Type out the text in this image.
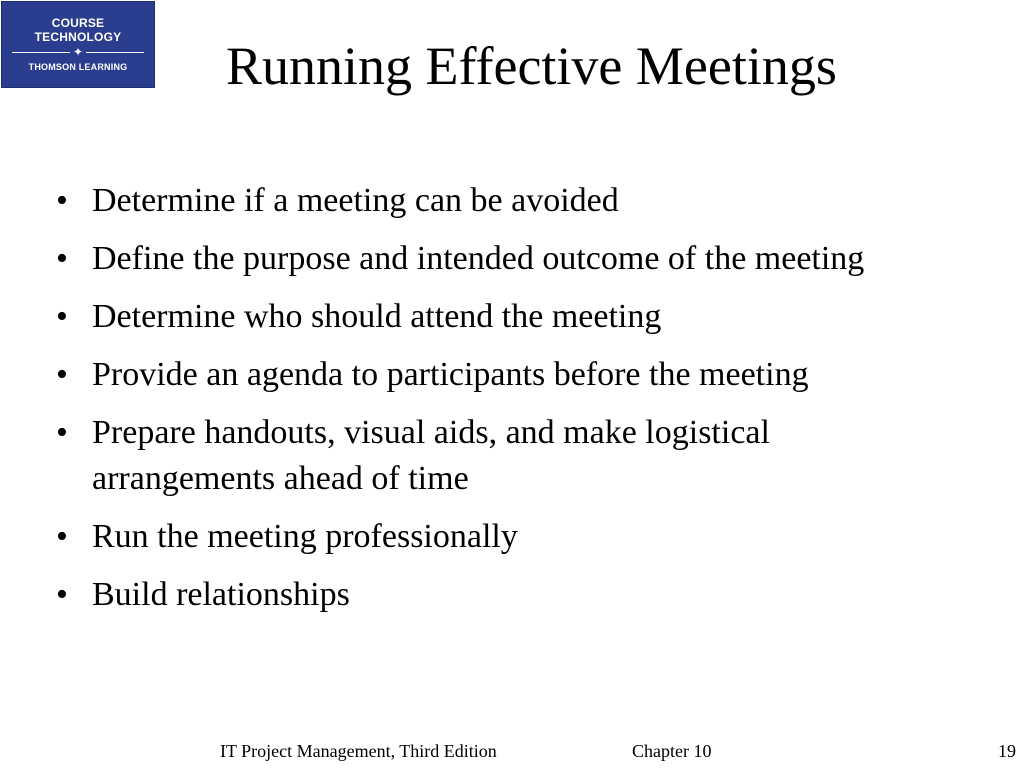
COURSE
TECHNOLOGY
✦
THOMSON LEARNING	Running Effective Meetings
• Determine if a meeting can be avoided
• Define the purpose and intended outcome of the meeting
• Determine who should attend the meeting
• Provide an agenda to participants before the meeting
• Prepare handouts, visual aids, and make logistical arrangements ahead of time
• Run the meeting professionally
• Build relationships
IT Project Management, Third Edition	Chapter 10	19
